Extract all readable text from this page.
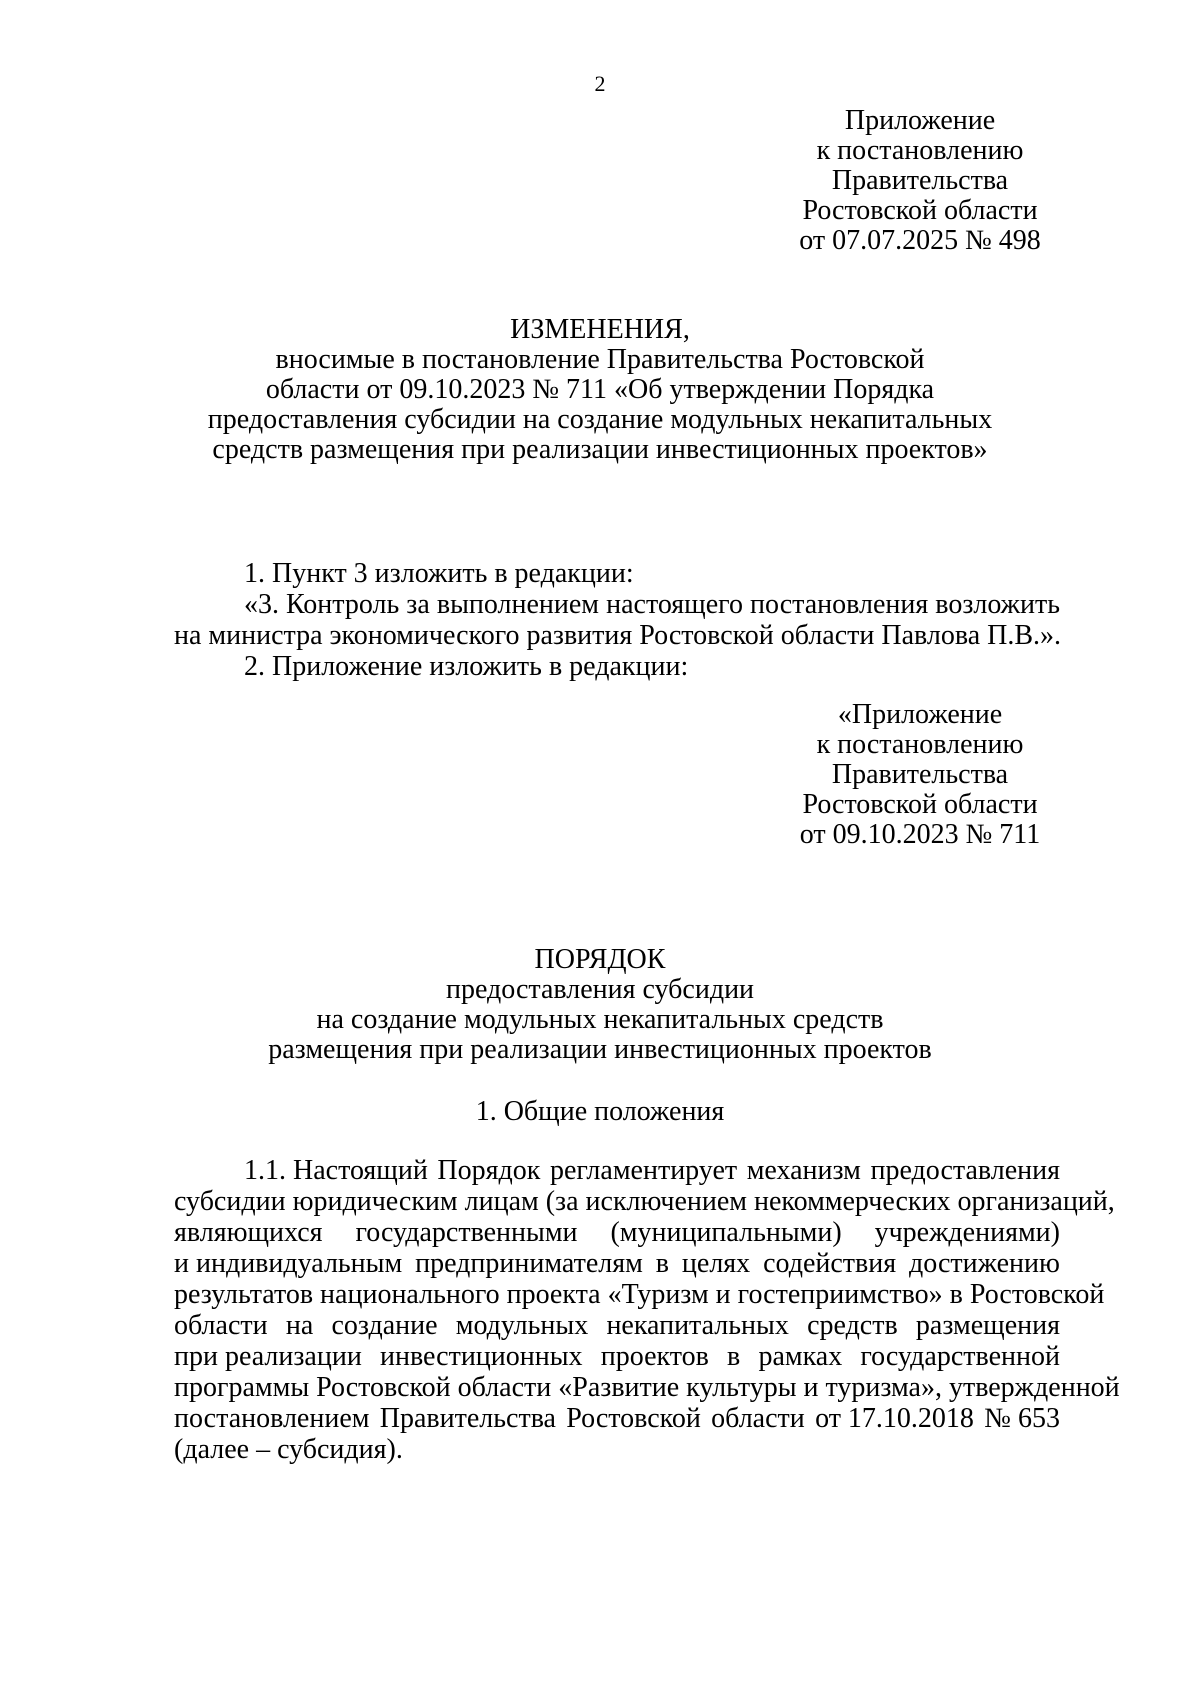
2
Приложение
к постановлению
Правительства
Ростовской области
от 07.07.2025 № 498
ИЗМЕНЕНИЯ,
вносимые в постановление Правительства Ростовской
области от 09.10.2023 № 711 «Об утверждении Порядка
предоставления субсидии на создание модульных некапитальных
средств размещения при реализации инвестиционных проектов»
1. Пункт 3 изложить в редакции:
«3. Контроль за выполнением настоящего постановления возложить
на министра экономического развития Ростовской области Павлова П.В.».
2. Приложение изложить в редакции:
«Приложение
к постановлению
Правительства
Ростовской области
от 09.10.2023 № 711
ПОРЯДОК
предоставления субсидии
на создание модульных некапитальных средств
размещения при реализации инвестиционных проектов
1. Общие положения
1.1. Настоящий Порядок регламентирует механизм предоставления
субсидии юридическим лицам (за исключением некоммерческих организаций,
являющихся государственными (муниципальными) учреждениями)
и индивидуальным предпринимателям в целях содействия достижению
результатов национального проекта «Туризм и гостеприимство» в Ростовской
области на создание модульных некапитальных средств размещения
при реализации инвестиционных проектов в рамках государственной
программы Ростовской области «Развитие культуры и туризма», утвержденной
постановлением Правительства Ростовской области от 17.10.2018 № 653
(далее – субсидия).
